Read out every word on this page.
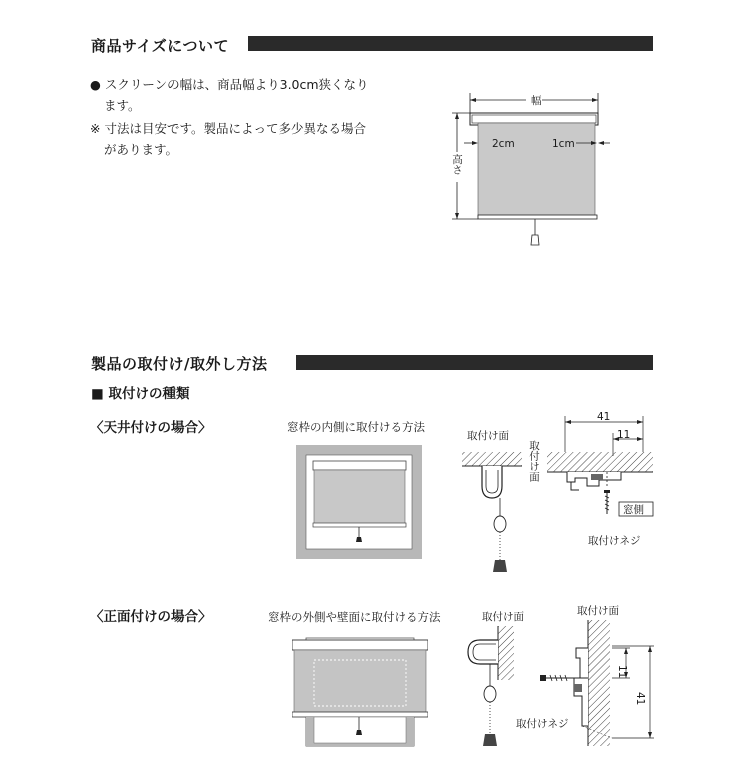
商品サイズについて
● スクリーンの幅は、商品幅より3.0cm狭くなり
ます。
※ 寸法は目安です。製品によって多少異なる場合
があります。
幅
高さ
2cm	1cm
製品の取付け/取外し方法
■ 取付けの種類
〈天井付けの場合〉	窓枠の内側に取付ける方法
取付け面
41
11
取付け面
窓側
取付けネジ
〈正面付けの場合〉	窓枠の外側や壁面に取付ける方法	取付け面	取付け面
11
41
取付けネジ
